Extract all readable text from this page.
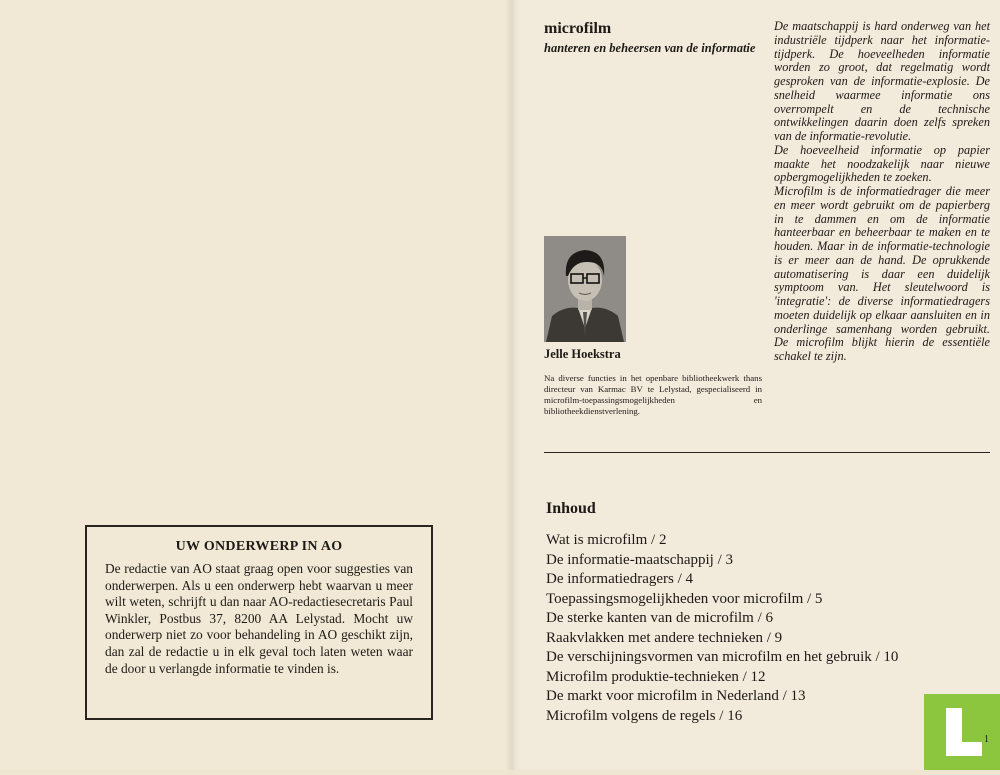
UW ONDERWERP IN AO

De redactie van AO staat graag open voor suggesties van onderwerpen. Als u een onderwerp hebt waarvan u meer wilt weten, schrijft u dan naar AO-redactiesecretaris Paul Winkler, Postbus 37, 8200 AA Lelystad. Mocht uw onderwerp niet zo voor behandeling in AO geschikt zijn, dan zal de redactie u in elk geval toch laten weten waar de door u verlangde informatie te vinden is.

microfilm
hanteren en beheersen van de informatie
Jelle Hoekstra
Na diverse functies in het openbare bibliotheekwerk thans directeur van Karmac BV te Lelystad, gespecialiseerd in microfilm-toepassingsmogelijkheden en bibliotheekdienstverlening.

De maatschappij is hard onderweg van het industriële tijdperk naar het informatie-tijdperk. De hoeveelheden informatie worden zo groot, dat regelmatig wordt gesproken van de informatie-explosie. De snelheid waarmee informatie ons overrompelt en de technische ontwikkelingen daarin doen zelfs spreken van de informatie-revolutie.

De hoeveelheid informatie op papier maakte het noodzakelijk naar nieuwe opbergmogelijkheden te zoeken.

Microfilm is de informatiedrager die meer en meer wordt gebruikt om de papierberg in te dammen en om de informatie hanteerbaar en beheerbaar te maken en te houden. Maar in de informatie-technologie is er meer aan de hand. De oprukkende automatisering is daar een duidelijk symptoom van. Het sleutelwoord is 'integratie': de diverse informatiedragers moeten duidelijk op elkaar aansluiten en in onderlinge samenhang worden gebruikt. De microfilm blijkt hierin de essentiële schakel te zijn.

Inhoud
Wat is microfilm / 2
De informatie-maatschappij / 3
De informatiedragers / 4
Toepassingsmogelijkheden voor microfilm / 5
De sterke kanten van de microfilm / 6
Raakvlakken met andere technieken / 9
De verschijningsvormen van microfilm en het gebruik / 10
Microfilm produktie-technieken / 12
De markt voor microfilm in Nederland / 13
Microfilm volgens de regels / 16
1
